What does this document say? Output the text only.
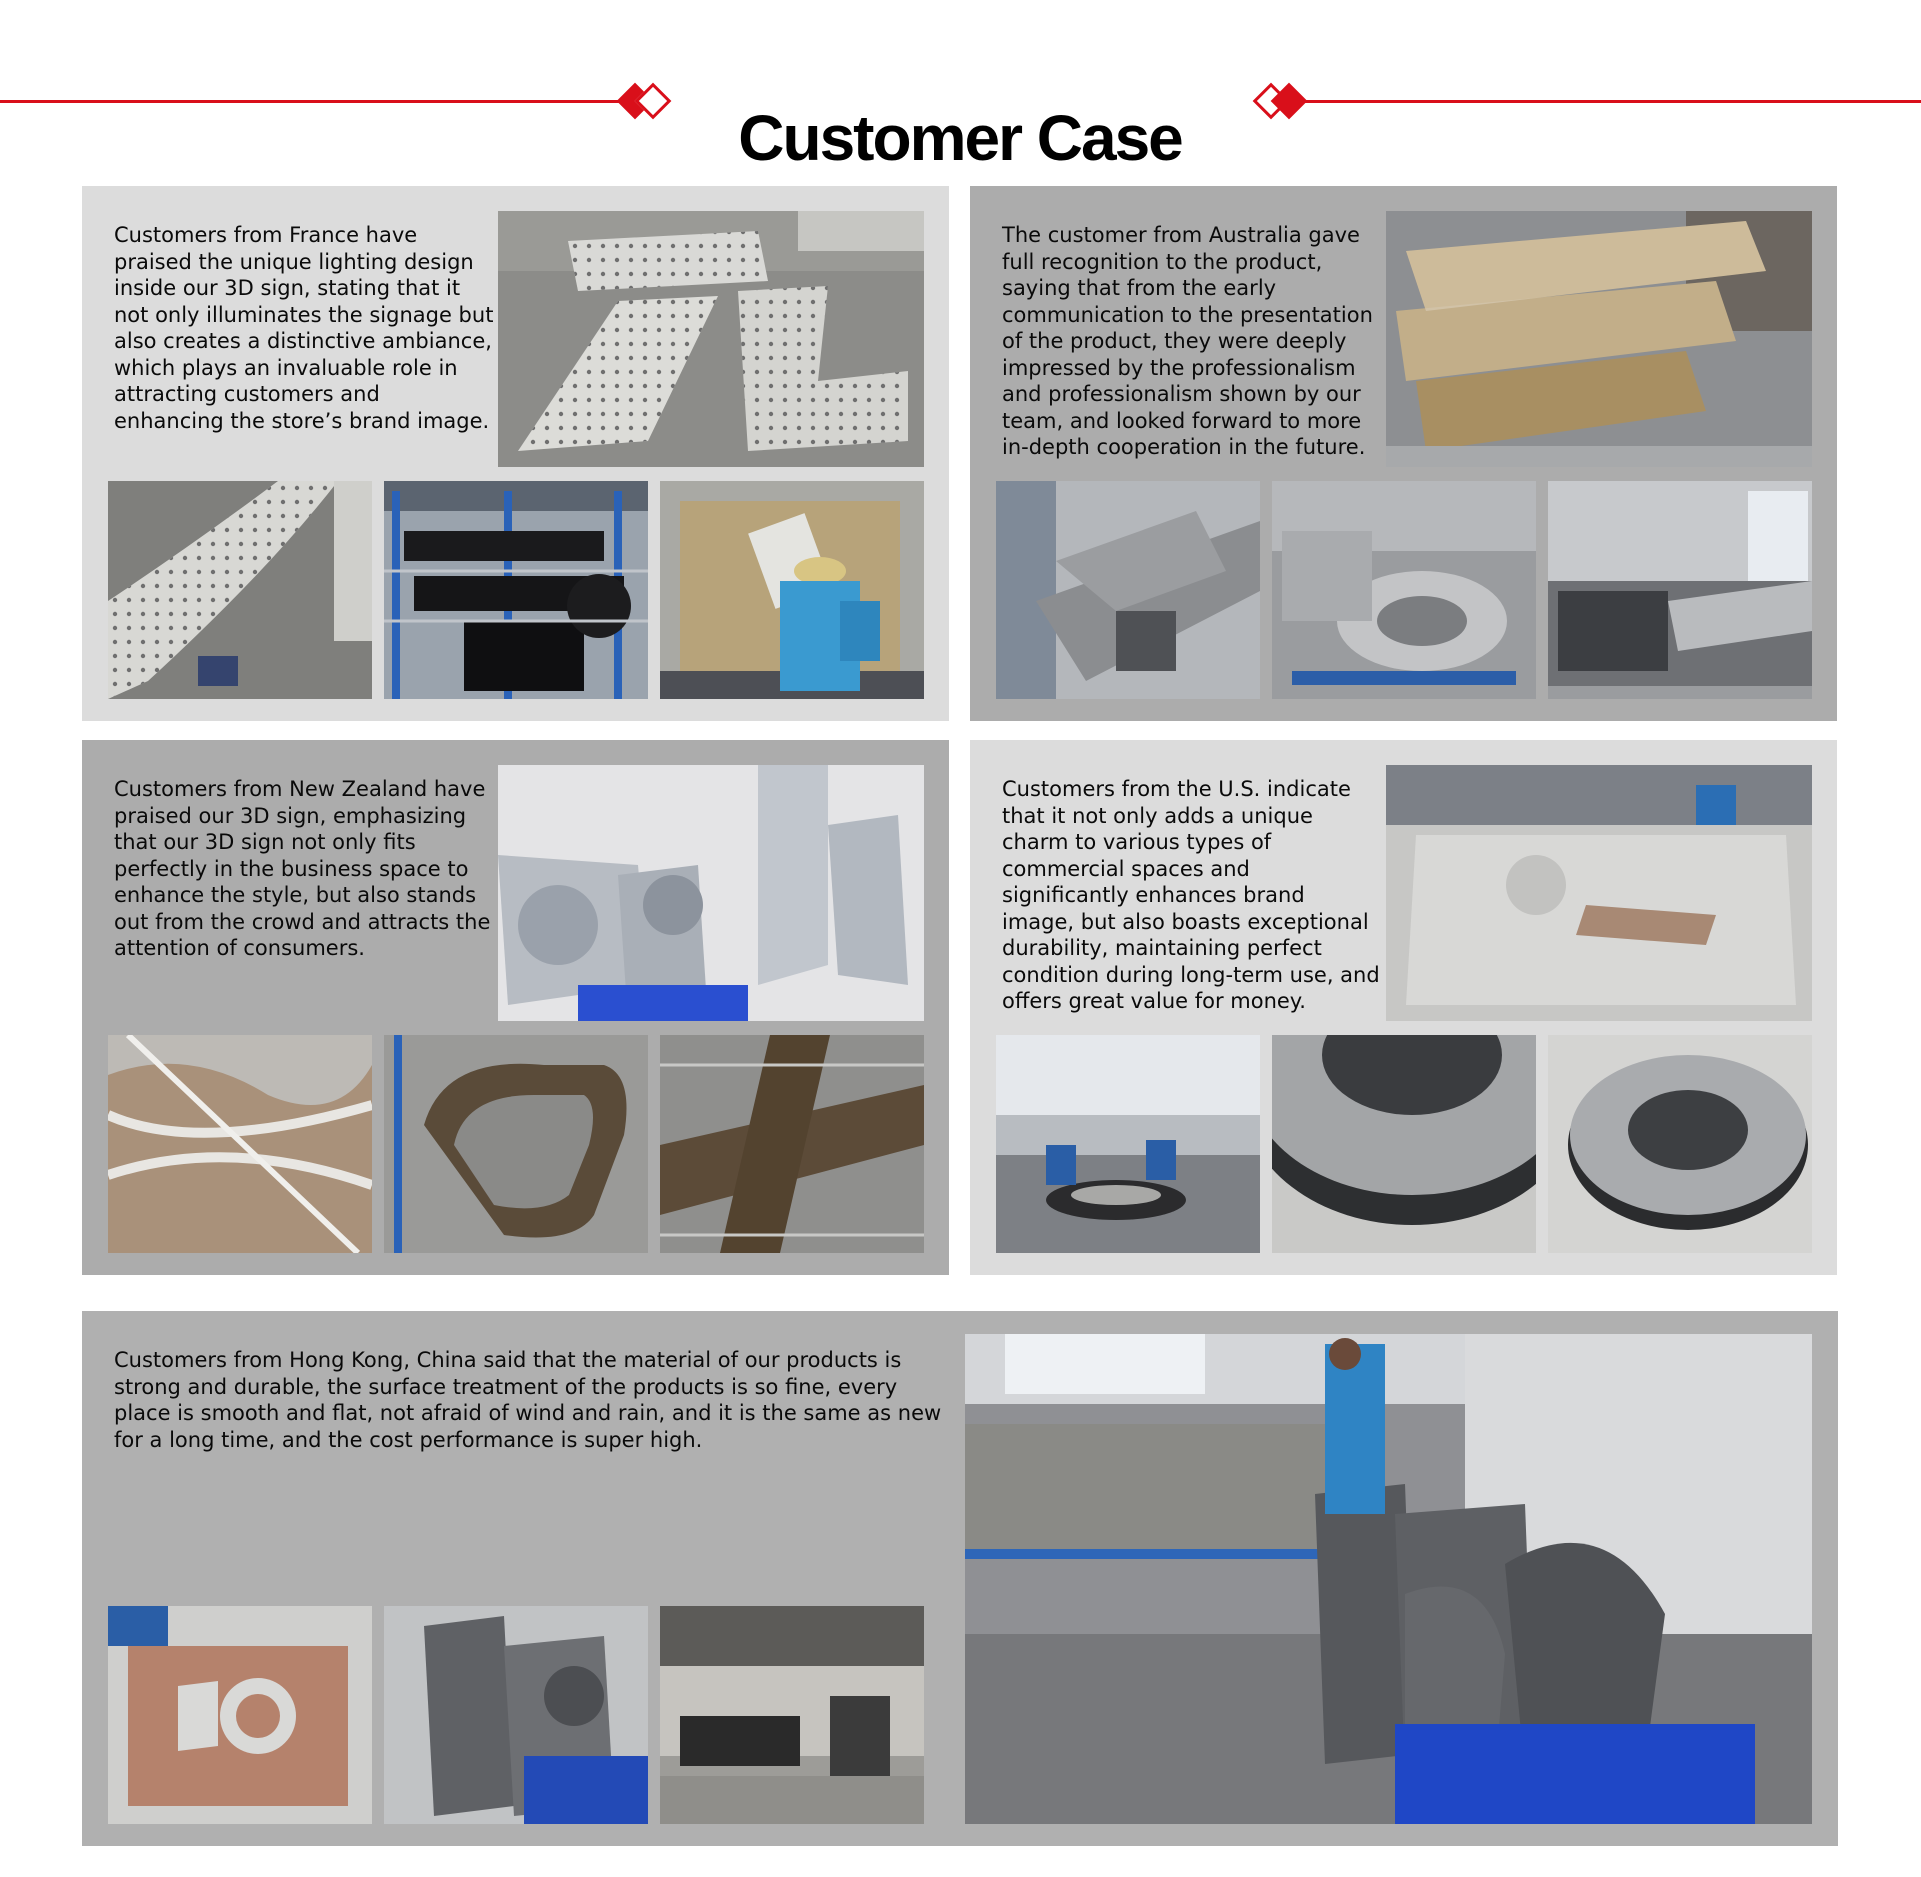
Customer Case

Customers from France have praised the unique lighting design inside our 3D sign, stating that it not only illuminates the signage but also creates a distinctive ambiance, which plays an invaluable role in attracting customers and enhancing the store’s brand image.

The customer from Australia gave full recognition to the product, saying that from the early communication to the presentation of the product, they were deeply impressed by the professionalism and professionalism shown by our team, and looked forward to more in-depth cooperation in the future.

Customers from New Zealand have praised our 3D sign, emphasizing that our 3D sign not only fits perfectly in the business space to enhance the style, but also stands out from the crowd and attracts the attention of consumers.

Customers from the U.S. indicate that it not only adds a unique charm to various types of commercial spaces and significantly enhances brand image, but also boasts exceptional durability, maintaining perfect condition during long-term use, and offers great value for money.

Customers from Hong Kong, China said that the material of our products is strong and durable, the surface treatment of the products is so fine, every place is smooth and flat, not afraid of wind and rain, and it is the same as new for a long time, and the cost performance is super high.
